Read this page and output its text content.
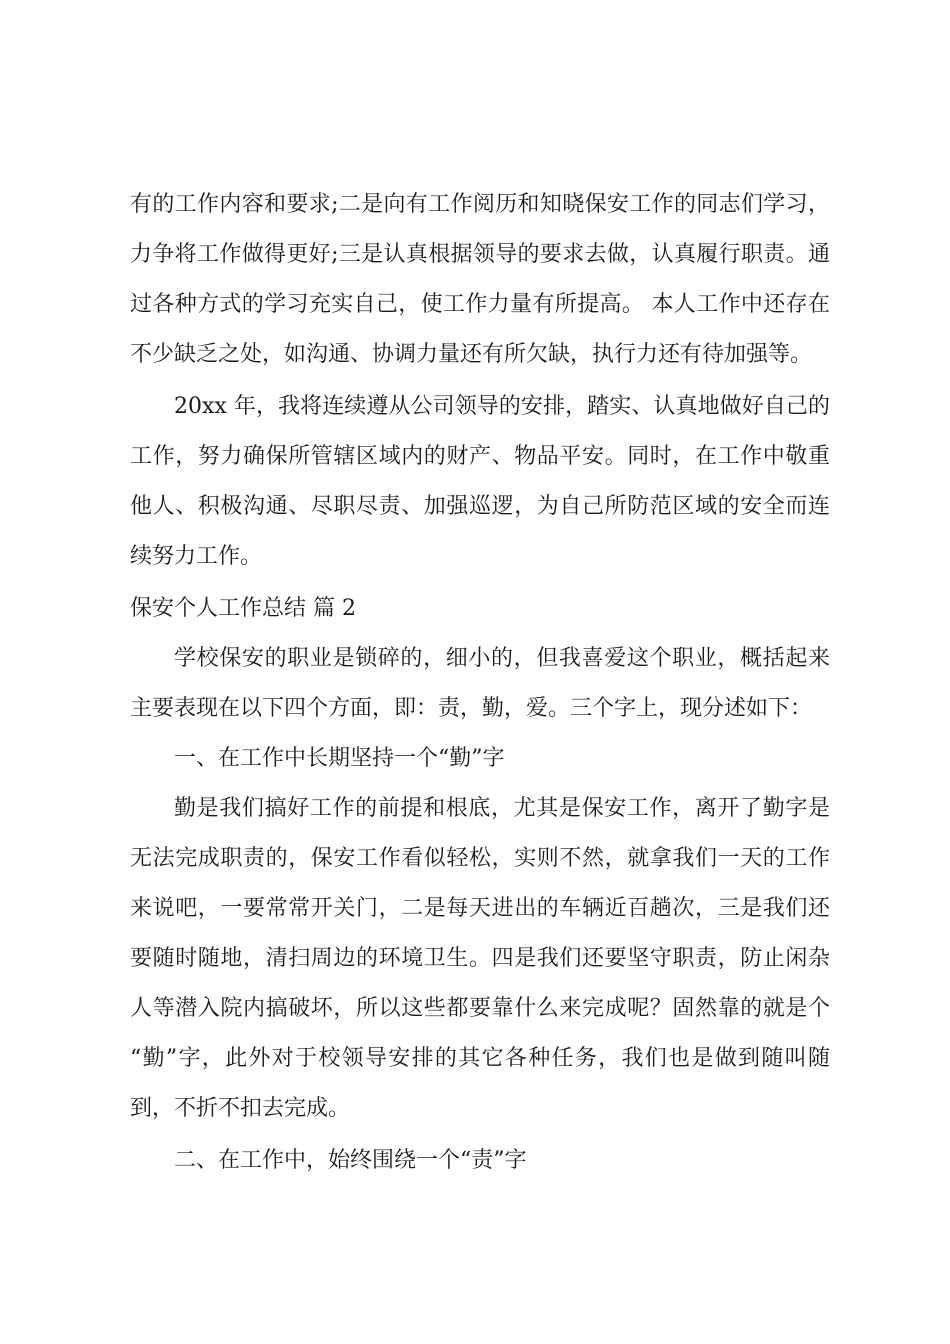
有的工作内容和要求;二是向有工作阅历和知晓保安工作的同志们学习，
力争将工作做得更好;三是认真根据领导的要求去做，认真履行职责。通
过各种方式的学习充实自己，使工作力量有所提高。 本人工作中还存在
不少缺乏之处，如沟通、协调力量还有所欠缺，执行力还有待加强等。
20xx 年，我将连续遵从公司领导的安排，踏实、认真地做好自己的
工作，努力确保所管辖区域内的财产、物品平安。同时，在工作中敬重
他人、积极沟通、尽职尽责、加强巡逻，为自己所防范区域的安全而连
续努力工作。
保安个人工作总结 篇 2
学校保安的职业是锁碎的，细小的，但我喜爱这个职业，概括起来
主要表现在以下四个方面，即：责，勤，爱。三个字上，现分述如下：
一、在工作中长期坚持一个“勤”字
勤是我们搞好工作的前提和根底，尤其是保安工作，离开了勤字是
无法完成职责的，保安工作看似轻松，实则不然，就拿我们一天的工作
来说吧，一要常常开关门，二是每天进出的车辆近百趟次，三是我们还
要随时随地，清扫周边的环境卫生。四是我们还要坚守职责，防止闲杂
人等潜入院内搞破坏，所以这些都要靠什么来完成呢？固然靠的就是个
“勤”字，此外对于校领导安排的其它各种任务，我们也是做到随叫随
到，不折不扣去完成。
二、在工作中，始终围绕一个“责”字
